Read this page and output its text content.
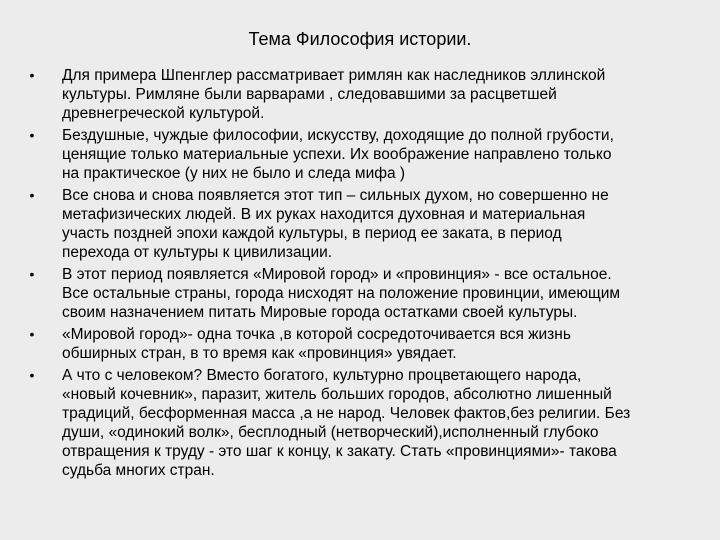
Тема Философия истории.
• Для примера Шпенглер рассматривает римлян как наследников эллинской
культуры. Римляне были варварами , следовавшими за расцветшей
древнегреческой культурой.
• Бездушные, чуждые философии, искусству, доходящие до полной грубости,
ценящие только материальные успехи. Их воображение направлено только
на практическое (у них не было и следа мифа )
• Все снова и снова появляется этот тип – сильных духом, но совершенно не
метафизических людей. В их руках находится духовная и материальная
участь поздней эпохи каждой культуры, в период ее заката, в период
перехода от культуры к цивилизации.
• В этот период появляется «Мировой город» и «провинция» - все остальное.
Все остальные страны, города нисходят на положение провинции, имеющим
своим назначением питать Мировые города остатками своей культуры.
• «Мировой город»- одна точка ,в которой сосредоточивается вся жизнь
обширных стран, в то время как «провинция» увядает.
• А что с человеком? Вместо богатого, культурно процветающего народа,
«новый кочевник», паразит, житель больших городов, абсолютно лишенный
традиций, бесформенная масса ,а не народ. Человек фактов,без религии. Без
души, «одинокий волк», бесплодный (нетворческий),исполненный глубоко
отвращения к труду - это шаг к концу, к закату. Стать «провинциями»- такова
судьба многих стран.
